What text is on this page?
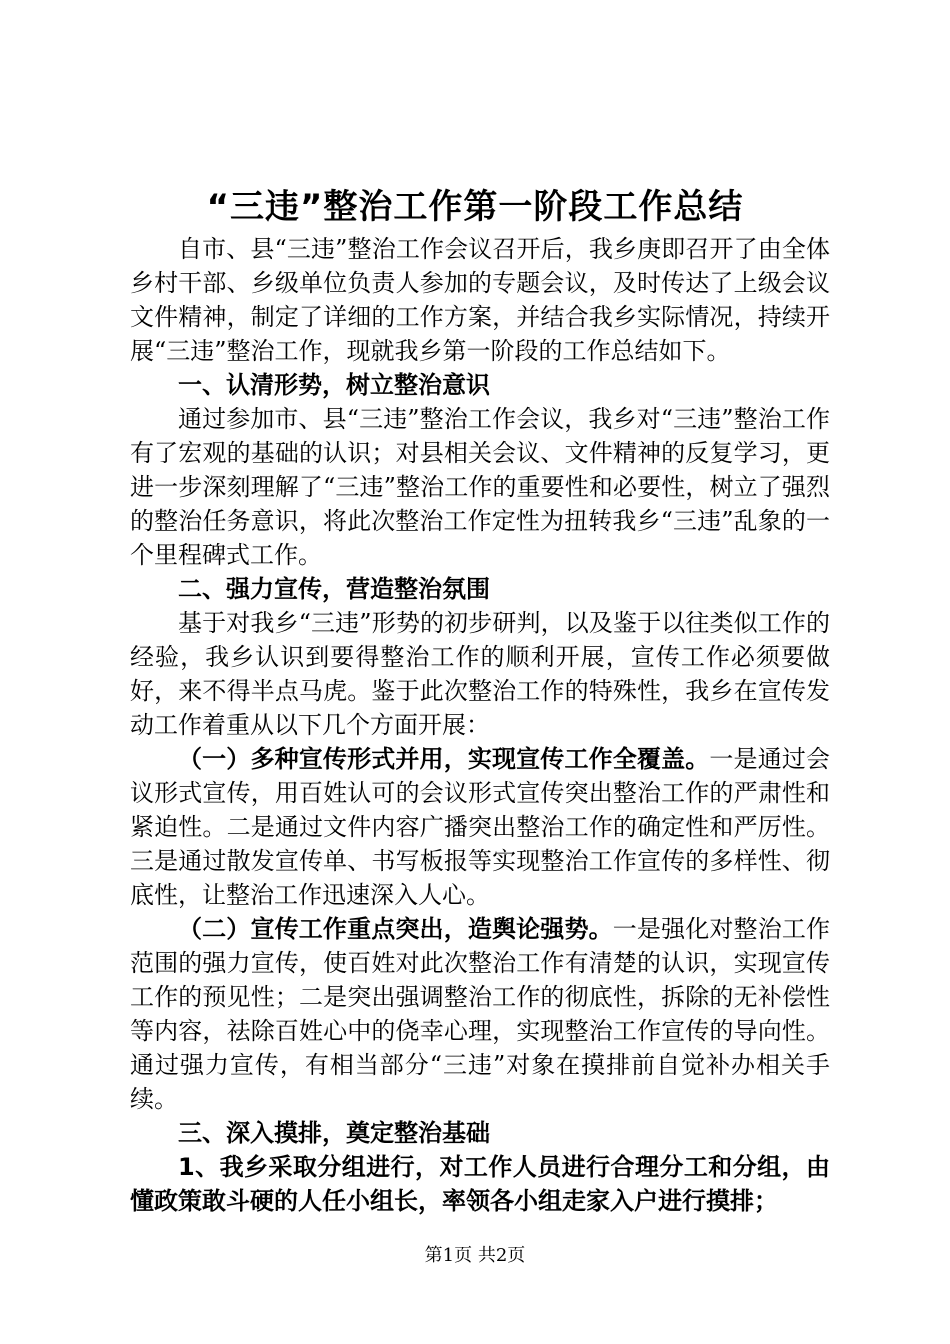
“三违”整治工作第一阶段工作总结

自市、县“三违”整治工作会议召开后，我乡庚即召开了由全体乡村干部、乡级单位负责人参加的专题会议，及时传达了上级会议文件精神，制定了详细的工作方案，并结合我乡实际情况，持续开展“三违”整治工作，现就我乡第一阶段的工作总结如下。

一、认清形势，树立整治意识

通过参加市、县“三违”整治工作会议，我乡对“三违”整治工作有了宏观的基础的认识；对县相关会议、文件精神的反复学习，更进一步深刻理解了“三违”整治工作的重要性和必要性，树立了强烈的整治任务意识，将此次整治工作定性为扭转我乡“三违”乱象的一个里程碑式工作。

二、强力宣传，营造整治氛围

基于对我乡“三违”形势的初步研判，以及鉴于以往类似工作的经验，我乡认识到要得整治工作的顺利开展，宣传工作必须要做好，来不得半点马虎。鉴于此次整治工作的特殊性，我乡在宣传发动工作着重从以下几个方面开展：

（一）多种宣传形式并用，实现宣传工作全覆盖。一是通过会议形式宣传，用百姓认可的会议形式宣传突出整治工作的严肃性和紧迫性。二是通过文件内容广播突出整治工作的确定性和严厉性。三是通过散发宣传单、书写板报等实现整治工作宣传的多样性、彻底性，让整治工作迅速深入人心。

（二）宣传工作重点突出，造舆论强势。一是强化对整治工作范围的强力宣传，使百姓对此次整治工作有清楚的认识，实现宣传工作的预见性；二是突出强调整治工作的彻底性，拆除的无补偿性等内容，祛除百姓心中的侥幸心理，实现整治工作宣传的导向性。通过强力宣传，有相当部分“三违”对象在摸排前自觉补办相关手续。

三、深入摸排，奠定整治基础

1、我乡采取分组进行，对工作人员进行合理分工和分组，由懂政策敢斗硬的人任小组长，率领各小组走家入户进行摸排；

第1页 共2页
